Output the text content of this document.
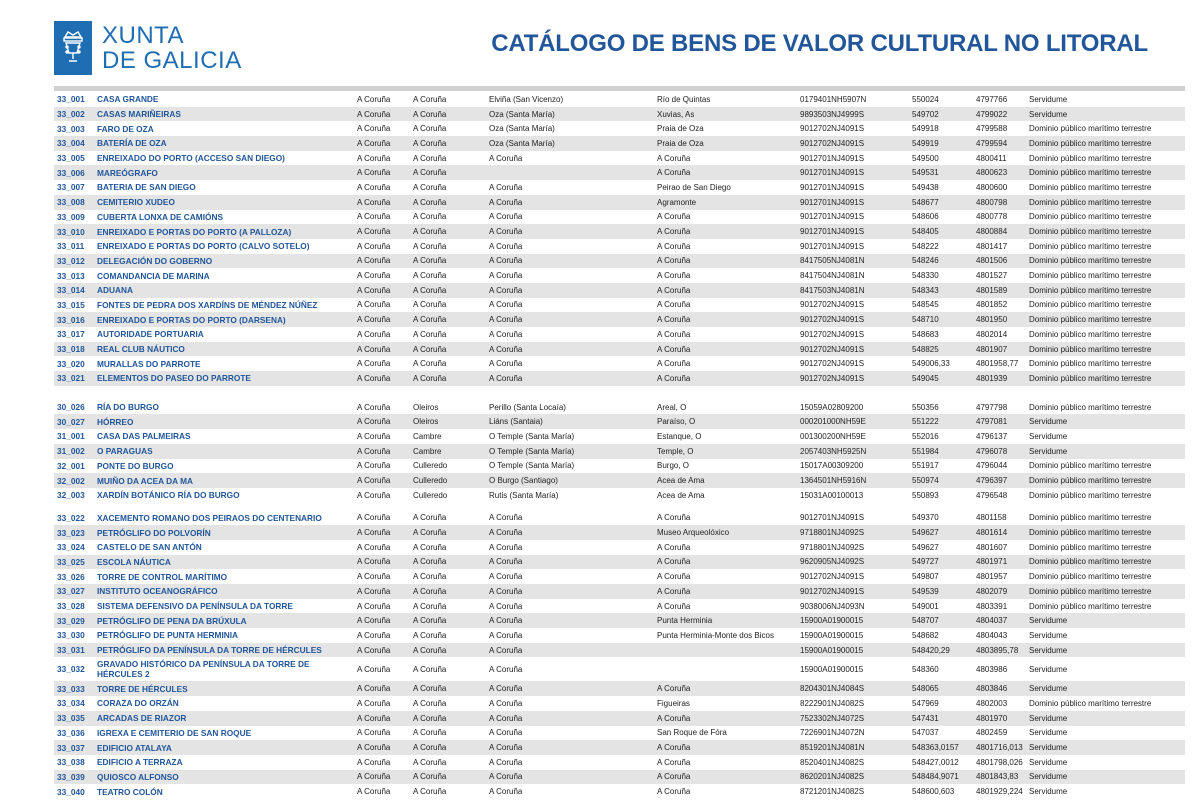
XUNTA
DE GALICIA
CATÁLOGO DE BENS DE VALOR CULTURAL NO LITORAL
33_001	CASA GRANDE	A Coruña	A Coruña	Elviña (San Vicenzo)	Río de Quintas	0179401NH5907N	550024	4797766	Servidume
33_002	CASAS MARIÑEIRAS	A Coruña	A Coruña	Oza (Santa María)	Xuvias, As	9893503NJ4999S	549702	4799022	Servidume
33_003	FARO DE OZA	A Coruña	A Coruña	Oza (Santa María)	Praia de Oza	9012702NJ4091S	549918	4799588	Dominio público marítimo terrestre
33_004	BATERÍA DE OZA	A Coruña	A Coruña	Oza (Santa María)	Praia de Oza	9012702NJ4091S	549919	4799594	Dominio público marítimo terrestre
33_005	ENREIXADO DO PORTO (ACCESO SAN DIEGO)	A Coruña	A Coruña	A Coruña	A Coruña	9012701NJ4091S	549500	4800411	Dominio público marítimo terrestre
33_006	MAREÓGRAFO	A Coruña	A Coruña		A Coruña	9012701NJ4091S	549531	4800623	Dominio público marítimo terrestre
33_007	BATERIA DE SAN DIEGO	A Coruña	A Coruña	A Coruña	Peirao de San Diego	9012701NJ4091S	549438	4800600	Dominio público marítimo terrestre
33_008	CEMITERIO XUDEO	A Coruña	A Coruña	A Coruña	Agramonte	9012701NJ4091S	548677	4800798	Dominio público marítimo terrestre
33_009	CUBERTA LONXA DE CAMIÓNS	A Coruña	A Coruña	A Coruña	A Coruña	9012701NJ4091S	548606	4800778	Dominio público marítimo terrestre
33_010	ENREIXADO E PORTAS DO PORTO (A PALLOZA)	A Coruña	A Coruña	A Coruña	A Coruña	9012701NJ4091S	548405	4800884	Dominio público marítimo terrestre
33_011	ENREIXADO E PORTAS DO PORTO (CALVO SOTELO)	A Coruña	A Coruña	A Coruña	A Coruña	9012701NJ4091S	548222	4801417	Dominio público marítimo terrestre
33_012	DELEGACIÓN DO GOBERNO	A Coruña	A Coruña	A Coruña	A Coruña	8417505NJ4081N	548246	4801506	Dominio público marítimo terrestre
33_013	COMANDANCIA DE MARINA	A Coruña	A Coruña	A Coruña	A Coruña	8417504NJ4081N	548330	4801527	Dominio público marítimo terrestre
33_014	ADUANA	A Coruña	A Coruña	A Coruña	A Coruña	8417503NJ4081N	548343	4801589	Dominio público marítimo terrestre
33_015	FONTES DE PEDRA DOS XARDÍNS DE MÉNDEZ NÚÑEZ	A Coruña	A Coruña	A Coruña	A Coruña	9012702NJ4091S	548545	4801852	Dominio público marítimo terrestre
33_016	ENREIXADO E PORTAS DO PORTO (DARSENA)	A Coruña	A Coruña	A Coruña	A Coruña	9012702NJ4091S	548710	4801950	Dominio público marítimo terrestre
33_017	AUTORIDADE PORTUARIA	A Coruña	A Coruña	A Coruña	A Coruña	9012702NJ4091S	548683	4802014	Dominio público marítimo terrestre
33_018	REAL CLUB NÁUTICO	A Coruña	A Coruña	A Coruña	A Coruña	9012702NJ4091S	548825	4801907	Dominio público marítimo terrestre
33_020	MURALLAS DO PARROTE	A Coruña	A Coruña	A Coruña	A Coruña	9012702NJ4091S	549006,33	4801958,77	Dominio público marítimo terrestre
33_021	ELEMENTOS DO PASEO DO PARROTE	A Coruña	A Coruña	A Coruña	A Coruña	9012702NJ4091S	549045	4801939	Dominio público marítimo terrestre

30_026	RÍA DO BURGO	A Coruña	Oleiros	Perillo (Santa Locaía)	Areal, O	15059A02809200	550356	4797798	Dominio público marítimo terrestre
30_027	HÓRREO	A Coruña	Oleiros	Liáns (Santaia)	Paraíso, O	000201000NH59E	551222	4797081	Servidume
31_001	CASA DAS PALMEIRAS	A Coruña	Cambre	O Temple (Santa María)	Estanque, O	001300200NH59E	552016	4796137	Servidume
31_002	O PARAGUAS	A Coruña	Cambre	O Temple (Santa María)	Temple, O	2057403NH5925N	551984	4796078	Servidume
32_001	PONTE DO BURGO	A Coruña	Culleredo	O Temple (Santa María)	Burgo, O	15017A00309200	551917	4796044	Dominio público marítimo terrestre
32_002	MUIÑO DA ACEA DA MA	A Coruña	Culleredo	O Burgo (Santiago)	Acea de Ama	1364501NH5916N	550974	4796397	Dominio público marítimo terrestre
32_003	XARDÍN BOTÁNICO RÍA DO BURGO	A Coruña	Culleredo	Rutis (Santa María)	Acea de Ama	15031A00100013	550893	4796548	Dominio público marítimo terrestre

33_022	XACEMENTO ROMANO DOS PEIRAOS DO CENTENARIO	A Coruña	A Coruña	A Coruña	A Coruña	9012701NJ4091S	549370	4801158	Dominio público marítimo terrestre
33_023	PETRÓGLIFO DO POLVORÍN	A Coruña	A Coruña	A Coruña	Museo Arqueolóxico	9718801NJ4092S	549627	4801614	Dominio público marítimo terrestre
33_024	CASTELO DE SAN ANTÓN	A Coruña	A Coruña	A Coruña	A Coruña	9718801NJ4092S	549627	4801607	Dominio público marítimo terrestre
33_025	ESCOLA NÁUTICA	A Coruña	A Coruña	A Coruña	A Coruña	9620905NJ4092S	549727	4801971	Dominio público marítimo terrestre
33_026	TORRE DE CONTROL MARÍTIMO	A Coruña	A Coruña	A Coruña	A Coruña	9012702NJ4091S	549807	4801957	Dominio público marítimo terrestre
33_027	INSTITUTO OCEANOGRÁFICO	A Coruña	A Coruña	A Coruña	A Coruña	9012702NJ4091S	549539	4802079	Dominio público marítimo terrestre
33_028	SISTEMA DEFENSIVO DA PENÍNSULA DA TORRE	A Coruña	A Coruña	A Coruña	A Coruña	9038006NJ4093N	549001	4803391	Dominio público marítimo terrestre
33_029	PETRÓGLIFO DE PENA DA BRÚXULA	A Coruña	A Coruña	A Coruña	Punta Herminia	15900A01900015	548707	4804037	Servidume
33_030	PETRÓGLIFO DE PUNTA HERMINIA	A Coruña	A Coruña	A Coruña	Punta Herminia-Monte dos Bicos	15900A01900015	548682	4804043	Servidume
33_031	PETRÓGLIFO DA PENÍNSULA DA TORRE DE HÉRCULES	A Coruña	A Coruña	A Coruña		15900A01900015	548420,29	4803895,78	Servidume
33_032	GRAVADO HISTÓRICO DA PENÍNSULA DA TORRE DE HÉRCULES 2	A Coruña	A Coruña	A Coruña		15900A01900015	548360	4803986	Servidume
33_033	TORRE DE HÉRCULES	A Coruña	A Coruña	A Coruña	A Coruña	8204301NJ4084S	548065	4803846	Servidume
33_034	CORAZA DO ORZÁN	A Coruña	A Coruña	A Coruña	Figueiras	8222901NJ4082S	547969	4802003	Dominio público marítimo terrestre
33_035	ARCADAS DE RIAZOR	A Coruña	A Coruña	A Coruña	A Coruña	7523302NJ4072S	547431	4801970	Servidume
33_036	IGREXA E CEMITERIO DE SAN ROQUE	A Coruña	A Coruña	A Coruña	San Roque de Fóra	7226901NJ4072N	547037	4802459	Servidume
33_037	EDIFICIO ATALAYA	A Coruña	A Coruña	A Coruña	A Coruña	8519201NJ4081N	548363,0157	4801716,013	Servidume
33_038	EDIFICIO A TERRAZA	A Coruña	A Coruña	A Coruña	A Coruña	8520401NJ4082S	548427,0012	4801798,026	Servidume
33_039	QUIOSCO ALFONSO	A Coruña	A Coruña	A Coruña	A Coruña	8620201NJ4082S	548484,9071	4801843,83	Servidume
33_040	TEATRO COLÓN	A Coruña	A Coruña	A Coruña	A Coruña	8721201NJ4082S	548600,603	4801929,224	Servidume
